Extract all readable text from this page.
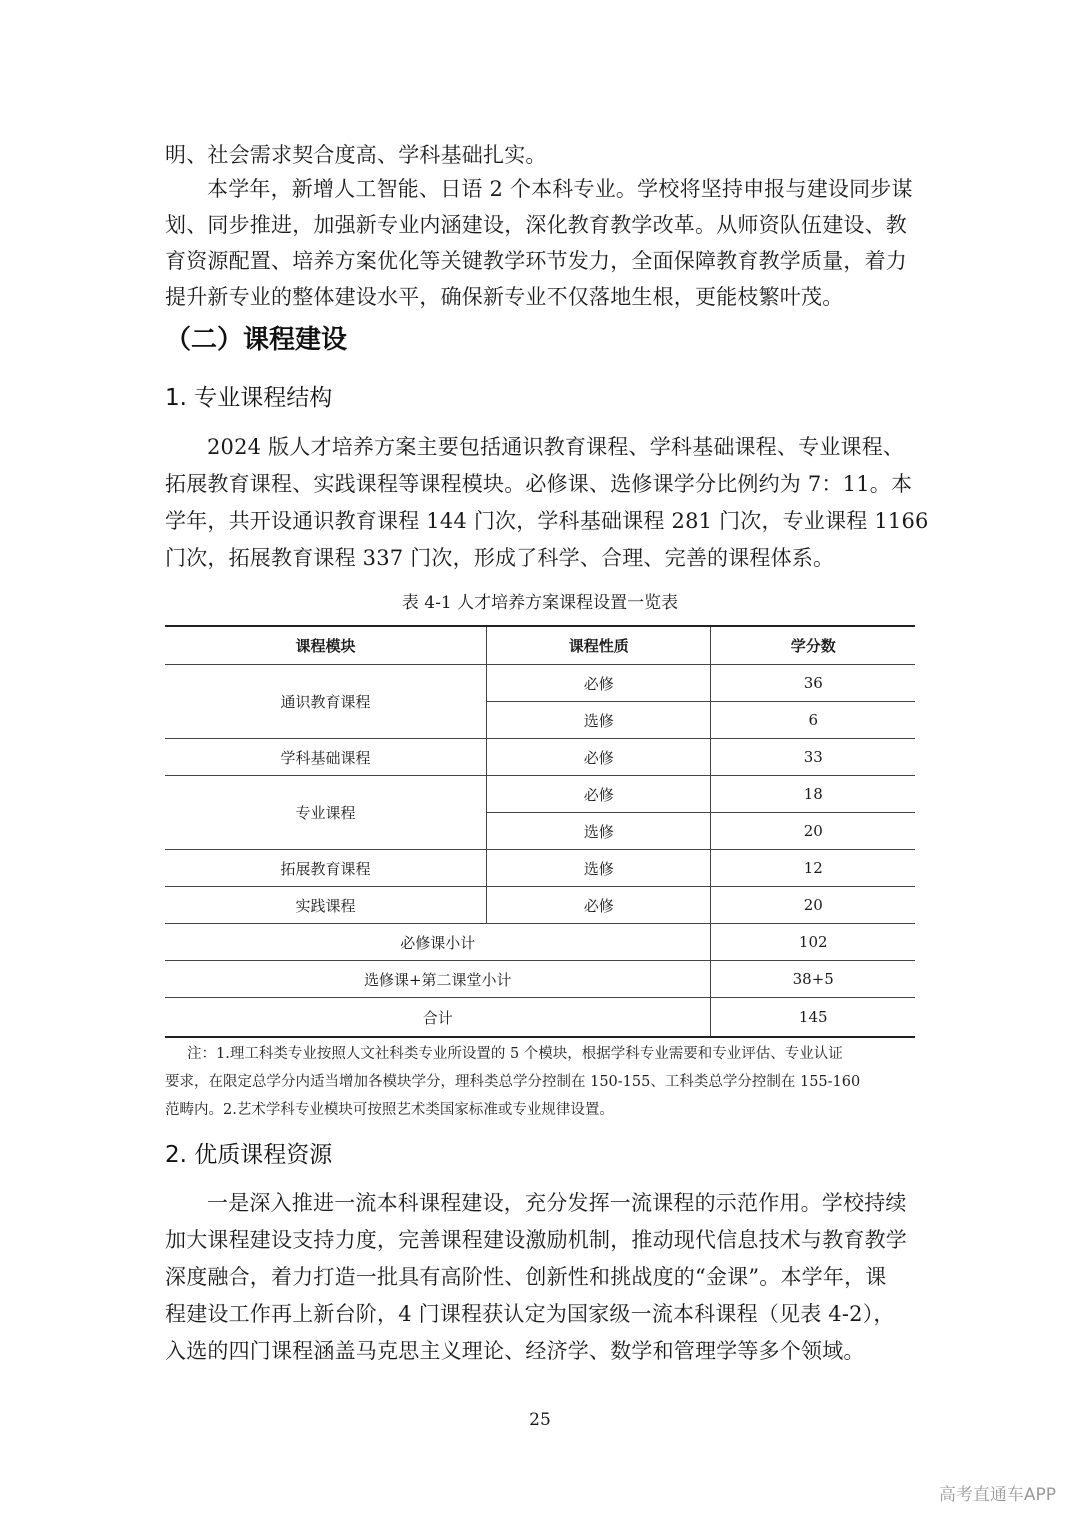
明、社会需求契合度高、学科基础扎实。
本学年，新增人工智能、日语 2 个本科专业。学校将坚持申报与建设同步谋
划、同步推进，加强新专业内涵建设，深化教育教学改革。从师资队伍建设、教
育资源配置、培养方案优化等关键教学环节发力，全面保障教育教学质量，着力
提升新专业的整体建设水平，确保新专业不仅落地生根，更能枝繁叶茂。
（二）课程建设
1. 专业课程结构
2024 版人才培养方案主要包括通识教育课程、学科基础课程、专业课程、
拓展教育课程、实践课程等课程模块。必修课、选修课学分比例约为 7：11。本
学年，共开设通识教育课程 144 门次，学科基础课程 281 门次，专业课程 1166
门次，拓展教育课程 337 门次，形成了科学、合理、完善的课程体系。
表 4-1 人才培养方案课程设置一览表
课程模块	课程性质	学分数
通识教育课程	必修	36
	选修	6
学科基础课程	必修	33
专业课程	必修	18
	选修	20
拓展教育课程	选修	12
实践课程	必修	20
必修课小计		102
选修课+第二课堂小计		38+5
合计		145
注：1.理工科类专业按照人文社科类专业所设置的 5 个模块，根据学科专业需要和专业评估、专业认证
要求，在限定总学分内适当增加各模块学分，理科类总学分控制在 150-155、工科类总学分控制在 155-160
范畴内。2.艺术学科专业模块可按照艺术类国家标准或专业规律设置。
2. 优质课程资源
一是深入推进一流本科课程建设，充分发挥一流课程的示范作用。学校持续
加大课程建设支持力度，完善课程建设激励机制，推动现代信息技术与教育教学
深度融合，着力打造一批具有高阶性、创新性和挑战度的“金课”。本学年，课
程建设工作再上新台阶，4 门课程获认定为国家级一流本科课程（见表 4-2），
入选的四门课程涵盖马克思主义理论、经济学、数学和管理学等多个领域。
25
高考直通车APP
